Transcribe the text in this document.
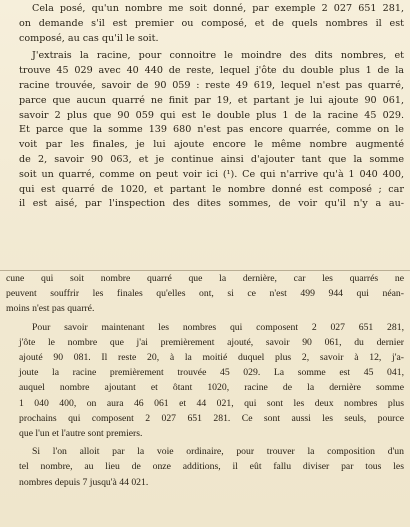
Cela posé, qu'un nombre me soit donné, par exemple 2 027 651 281,
on demande s'il est premier ou composé, et de quels nombres il est
composé, au cas qu'il le soit.
J'extrais la racine, pour connoitre le moindre des dits nombres, et
trouve 45 029 avec 40 440 de reste, lequel j'ôte du double plus 1 de la
racine trouvée, savoir de 90 059 : reste 49 619, lequel n'est pas quarré,
parce que aucun quarré ne finit par 19, et partant je lui ajoute 90 061,
savoir 2 plus que 90 059 qui est le double plus 1 de la racine 45 029.
Et parce que la somme 139 680 n'est pas encore quarrée, comme on le
voit par les finales, je lui ajoute encore le même nombre augmenté
de 2, savoir 90 063, et je continue ainsi d'ajouter tant que la somme
soit un quarré, comme on peut voir ici (¹). Ce qui n'arrive qu'à 1 040 400,
qui est quarré de 1020, et partant le nombre donné est composé ; car
il est aisé, par l'inspection des dites sommes, de voir qu'il n'y a au-
cune qui soit nombre quarré que la dernière, car les quarrés ne
peuvent souffrir les finales qu'elles ont, si ce n'est 499 944 qui néan-
moins n'est pas quarré.
Pour savoir maintenant les nombres qui composent 2 027 651 281,
j'ôte le nombre que j'ai premièrement ajouté, savoir 90 061, du dernier
ajouté 90 081. Il reste 20, à la moitié duquel plus 2, savoir à 12, j'a-
joute la racine premièrement trouvée 45 029. La somme est 45 041,
auquel nombre ajoutant et ôtant 1020, racine de la dernière somme
1 040 400, on aura 46 061 et 44 021, qui sont les deux nombres plus
prochains qui composent 2 027 651 281. Ce sont aussi les seuls, pource
que l'un et l'autre sont premiers.
Si l'on alloit par la voie ordinaire, pour trouver la composition d'un
tel nombre, au lieu de onze additions, il eût fallu diviser par tous les
nombres depuis 7 jusqu'à 44 021.
